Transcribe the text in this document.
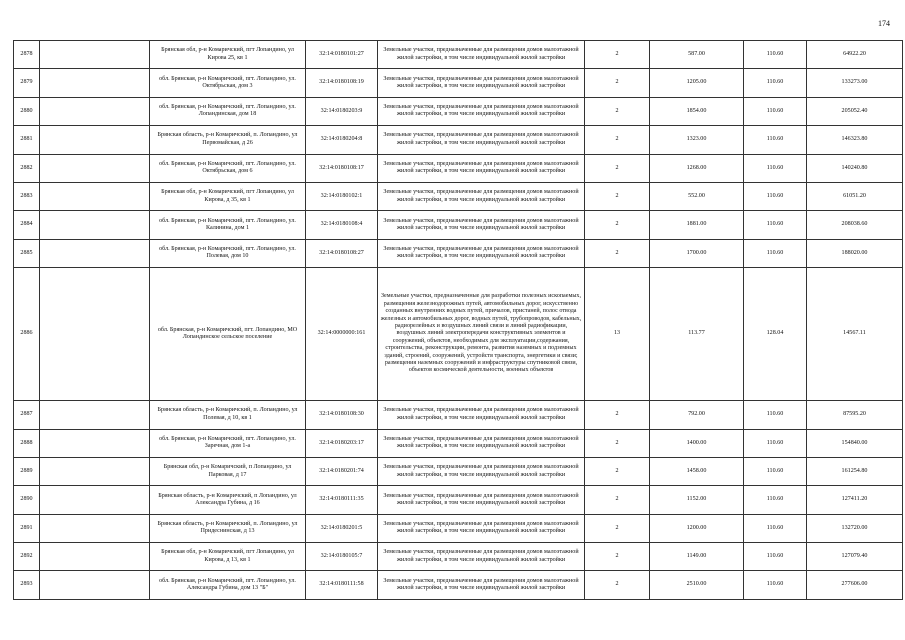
174
2878		Брянская обл, р-н Комаричский, пгт Лопандино, ул Кирова 25, кв 1	32:14:0180101:27	Земельные участки, предназначенные для размещения домов малоэтажной жилой застройки, в том числе индивидуальной жилой застройки	2	587.00	110.60	64922.20
2879		обл. Брянская, р-н Комаричский, пгт. Лопандино, ул. Октябрьская, дом 3	32:14:0180108:19	Земельные участки, предназначенные для размещения домов малоэтажной жилой застройки, в том числе индивидуальной жилой застройки	2	1205.00	110.60	133273.00
2880		обл. Брянская, р-н Комаричский, пгт. Лопандино, ул. Лопандинская, дом 18	32:14:0180203:9	Земельные участки, предназначенные для размещения домов малоэтажной жилой застройки, в том числе индивидуальной жилой застройки	2	1854.00	110.60	205052.40
2881		Брянская область, р-н Комаричский, п. Лопандино, ул Первомайская, д 26	32:14:0180204:8	Земельные участки, предназначенные для размещения домов малоэтажной жилой застройки, в том числе индивидуальной жилой застройки	2	1323.00	110.60	146323.80
2882		обл. Брянская, р-н Комаричский, пгт. Лопандино, ул. Октябрьская, дом 6	32:14:0180108:17	Земельные участки, предназначенные для размещения домов малоэтажной жилой застройки, в том числе индивидуальной жилой застройки	2	1268.00	110.60	140240.80
2883		Брянская обл, р-н Комаричский, пгт Лопандино, ул Кирова, д 35, кв 1	32:14:0180102:1	Земельные участки, предназначенные для размещения домов малоэтажной жилой застройки, в том числе индивидуальной жилой застройки	2	552.00	110.60	61051.20
2884		обл. Брянская, р-н Комаричский, пгт. Лопандино, ул. Калинина, дом 1	32:14:0180108:4	Земельные участки, предназначенные для размещения домов малоэтажной жилой застройки, в том числе индивидуальной жилой застройки	2	1881.00	110.60	208038.60
2885		обл. Брянская, р-н Комаричский, пгт. Лопандино, ул. Полевая, дом 10	32:14:0180108:27	Земельные участки, предназначенные для размещения домов малоэтажной жилой застройки, в том числе индивидуальной жилой застройки	2	1700.00	110.60	188020.00
2886		обл. Брянская, р-н Комаричский, пгт. Лопандино, МО Лопандинское сельское поселение	32:14:0000000:161	Земельные участки, предназначенные для разработки полезных ископаемых, размещения железнодорожных путей, автомобильных дорог, искусственно созданных внутренних водных путей, причалов, пристаней, полос отвода железных и автомобильных дорог, водных путей, трубопроводов, кабельных, радиорелейных и воздушных линий связи и линий радиофикации, воздушных линий электропередачи конструктивных элементов и сооружений, объектов, необходимых для эксплуатации,содержания, строительства, реконструкции, ремонта, развития наземных и подземных зданий, строений, сооружений, устройств транспорта, энергетики и связи; размещения наземных сооружений и инфраструктуры спутниковой связи, объектов космической деятельности, военных объектов	13	113.77	128.04	14567.11
2887		Брянская область, р-н Комаричский, п. Лопандино, ул Полевая, д 10, кв 1	32:14:0180108:30	Земельные участки, предназначенные для размещения домов малоэтажной жилой застройки, в том числе индивидуальной жилой застройки	2	792.00	110.60	87595.20
2888		обл. Брянская, р-н Комаричский, пгт. Лопандино, ул. Заречная, дом 1-а	32:14:0180203:17	Земельные участки, предназначенные для размещения домов малоэтажной жилой застройки, в том числе индивидуальной жилой застройки	2	1400.00	110.60	154840.00
2889		Брянская обл, р-н Комаричский, п Лопандино, ул Парковая, д 17	32:14:0180201:74	Земельные участки, предназначенные для размещения домов малоэтажной жилой застройки, в том числе индивидуальной жилой застройки	2	1458.00	110.60	161254.80
2890		Брянская область, р-н Комаричский, п Лопандино, ул Александра Губина, д 16	32:14:0180111:35	Земельные участки, предназначенные для размещения домов малоэтажной жилой застройки, в том числе индивидуальной жилой застройки	2	1152.00	110.60	127411.20
2891		Брянская область, р-н Комаричский, п. Лопандино, ул Придеснинская, д 13	32:14:0180201:5	Земельные участки, предназначенные для размещения домов малоэтажной жилой застройки, в том числе индивидуальной жилой застройки	2	1200.00	110.60	132720.00
2892		Брянская обл, р-н Комаричский, пгт Лопандино, ул Кирова, д 13, кв 1	32:14:0180105:7	Земельные участки, предназначенные для размещения домов малоэтажной жилой застройки, в том числе индивидуальной жилой застройки	2	1149.00	110.60	127079.40
2893		обл. Брянская, р-н Комаричский, пгт. Лопандино, ул. Александра Губина, дом 13 "Б"	32:14:0180111:58	Земельные участки, предназначенные для размещения домов малоэтажной жилой застройки, в том числе индивидуальной жилой застройки	2	2510.00	110.60	277606.00
